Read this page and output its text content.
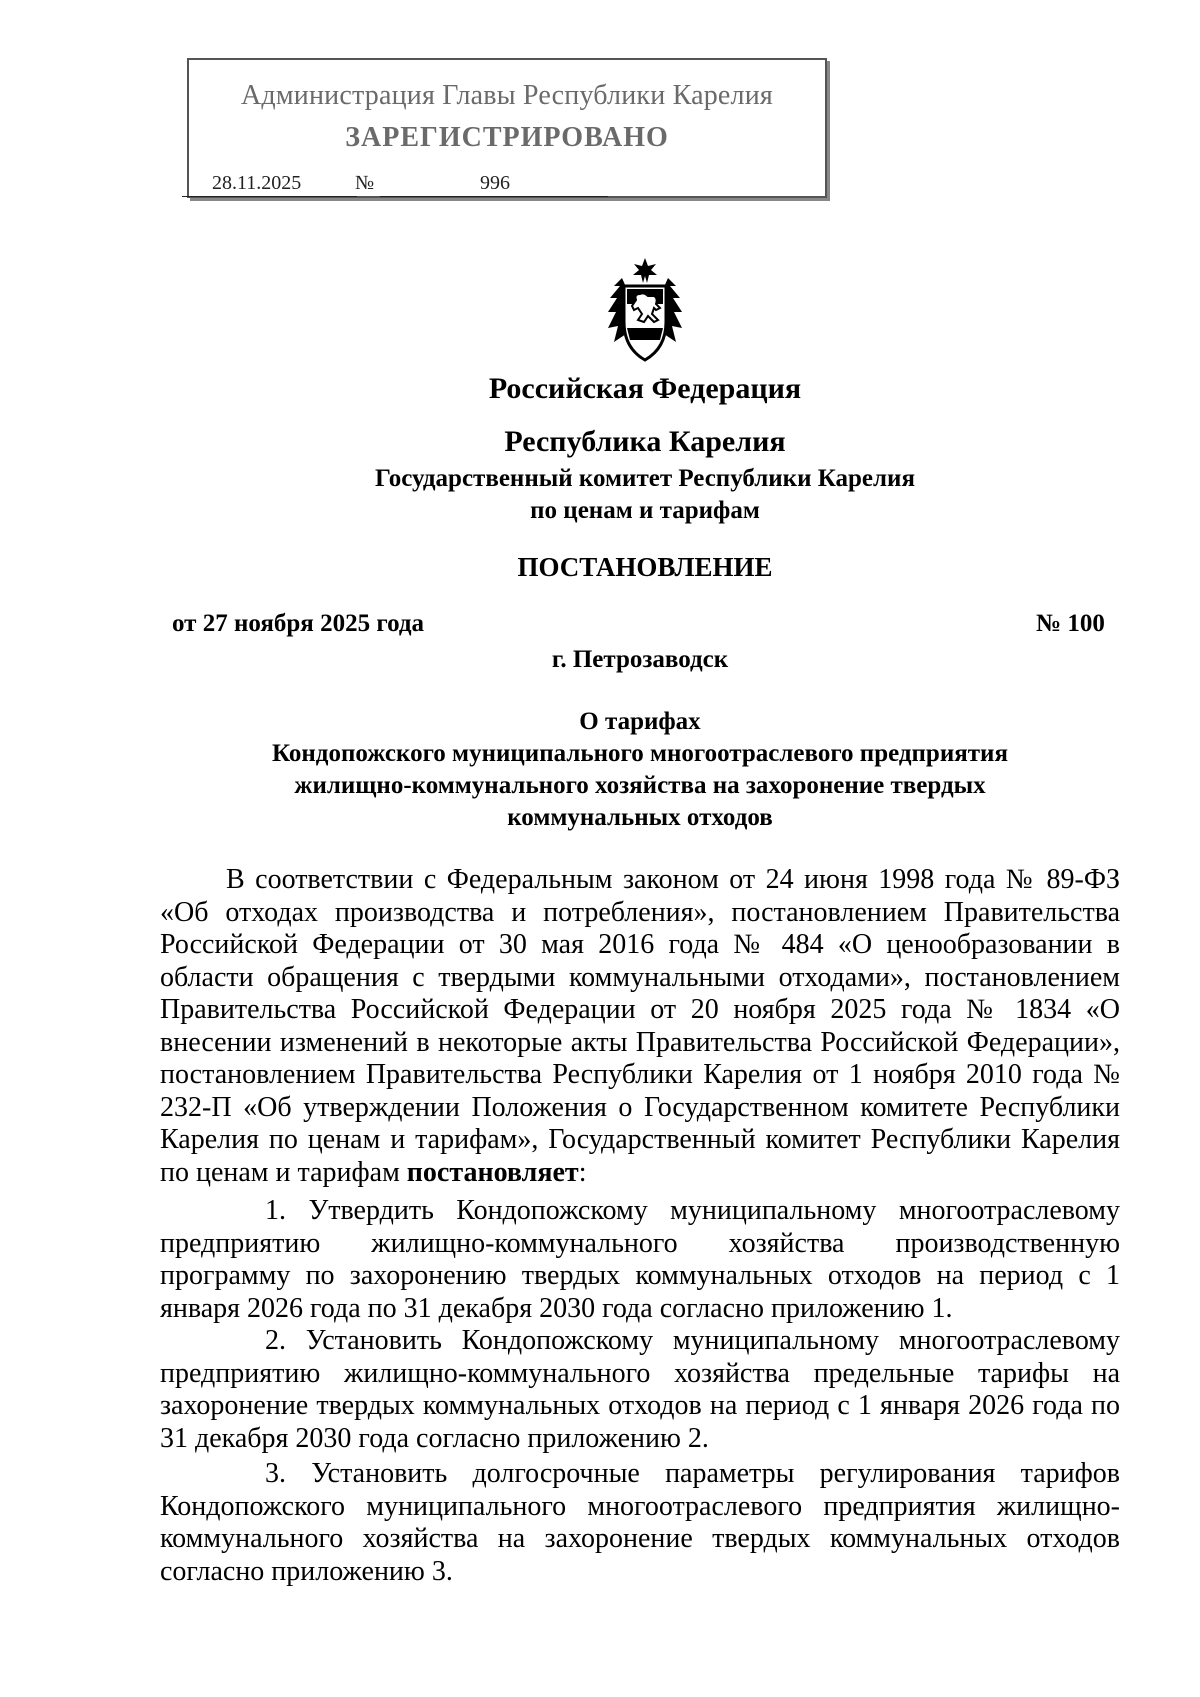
Администрация Главы Республики Карелия
ЗАРЕГИСТРИРОВАНО
28.11.2025	№	996
Российская Федерация
Республика Карелия
Государственный комитет Республики Карелия
по ценам и тарифам
ПОСТАНОВЛЕНИЕ
от 27 ноября 2025 года	№ 100
г. Петрозаводск
О тарифах
Кондопожского муниципального многоотраслевого предприятия
жилищно-коммунального хозяйства на захоронение твердых
коммунальных отходов
В соответствии с Федеральным законом от 24 июня 1998 года № 89-ФЗ «Об отходах производства и потребления», постановлением Правительства Российской Федерации от 30 мая 2016 года № 484 «О ценообразовании в области обращения с твердыми коммунальными отходами», постановлением Правительства Российской Федерации от 20 ноября 2025 года № 1834 «О внесении изменений в некоторые акты Правительства Российской Федерации», постановлением Правительства Республики Карелия от 1 ноября 2010 года № 232-П «Об утверждении Положения о Государственном комитете Республики Карелия по ценам и тарифам», Государственный комитет Республики Карелия по ценам и тарифам постановляет:
1. Утвердить Кондопожскому муниципальному многоотраслевому предприятию жилищно-коммунального хозяйства производственную программу по захоронению твердых коммунальных отходов на период с 1 января 2026 года по 31 декабря 2030 года согласно приложению 1.
2. Установить Кондопожскому муниципальному многоотраслевому предприятию жилищно-коммунального хозяйства предельные тарифы на захоронение твердых коммунальных отходов на период с 1 января 2026 года по 31 декабря 2030 года согласно приложению 2.
3. Установить долгосрочные параметры регулирования тарифов Кондопожского муниципального многоотраслевого предприятия жилищно-коммунального хозяйства на захоронение твердых коммунальных отходов согласно приложению 3.
